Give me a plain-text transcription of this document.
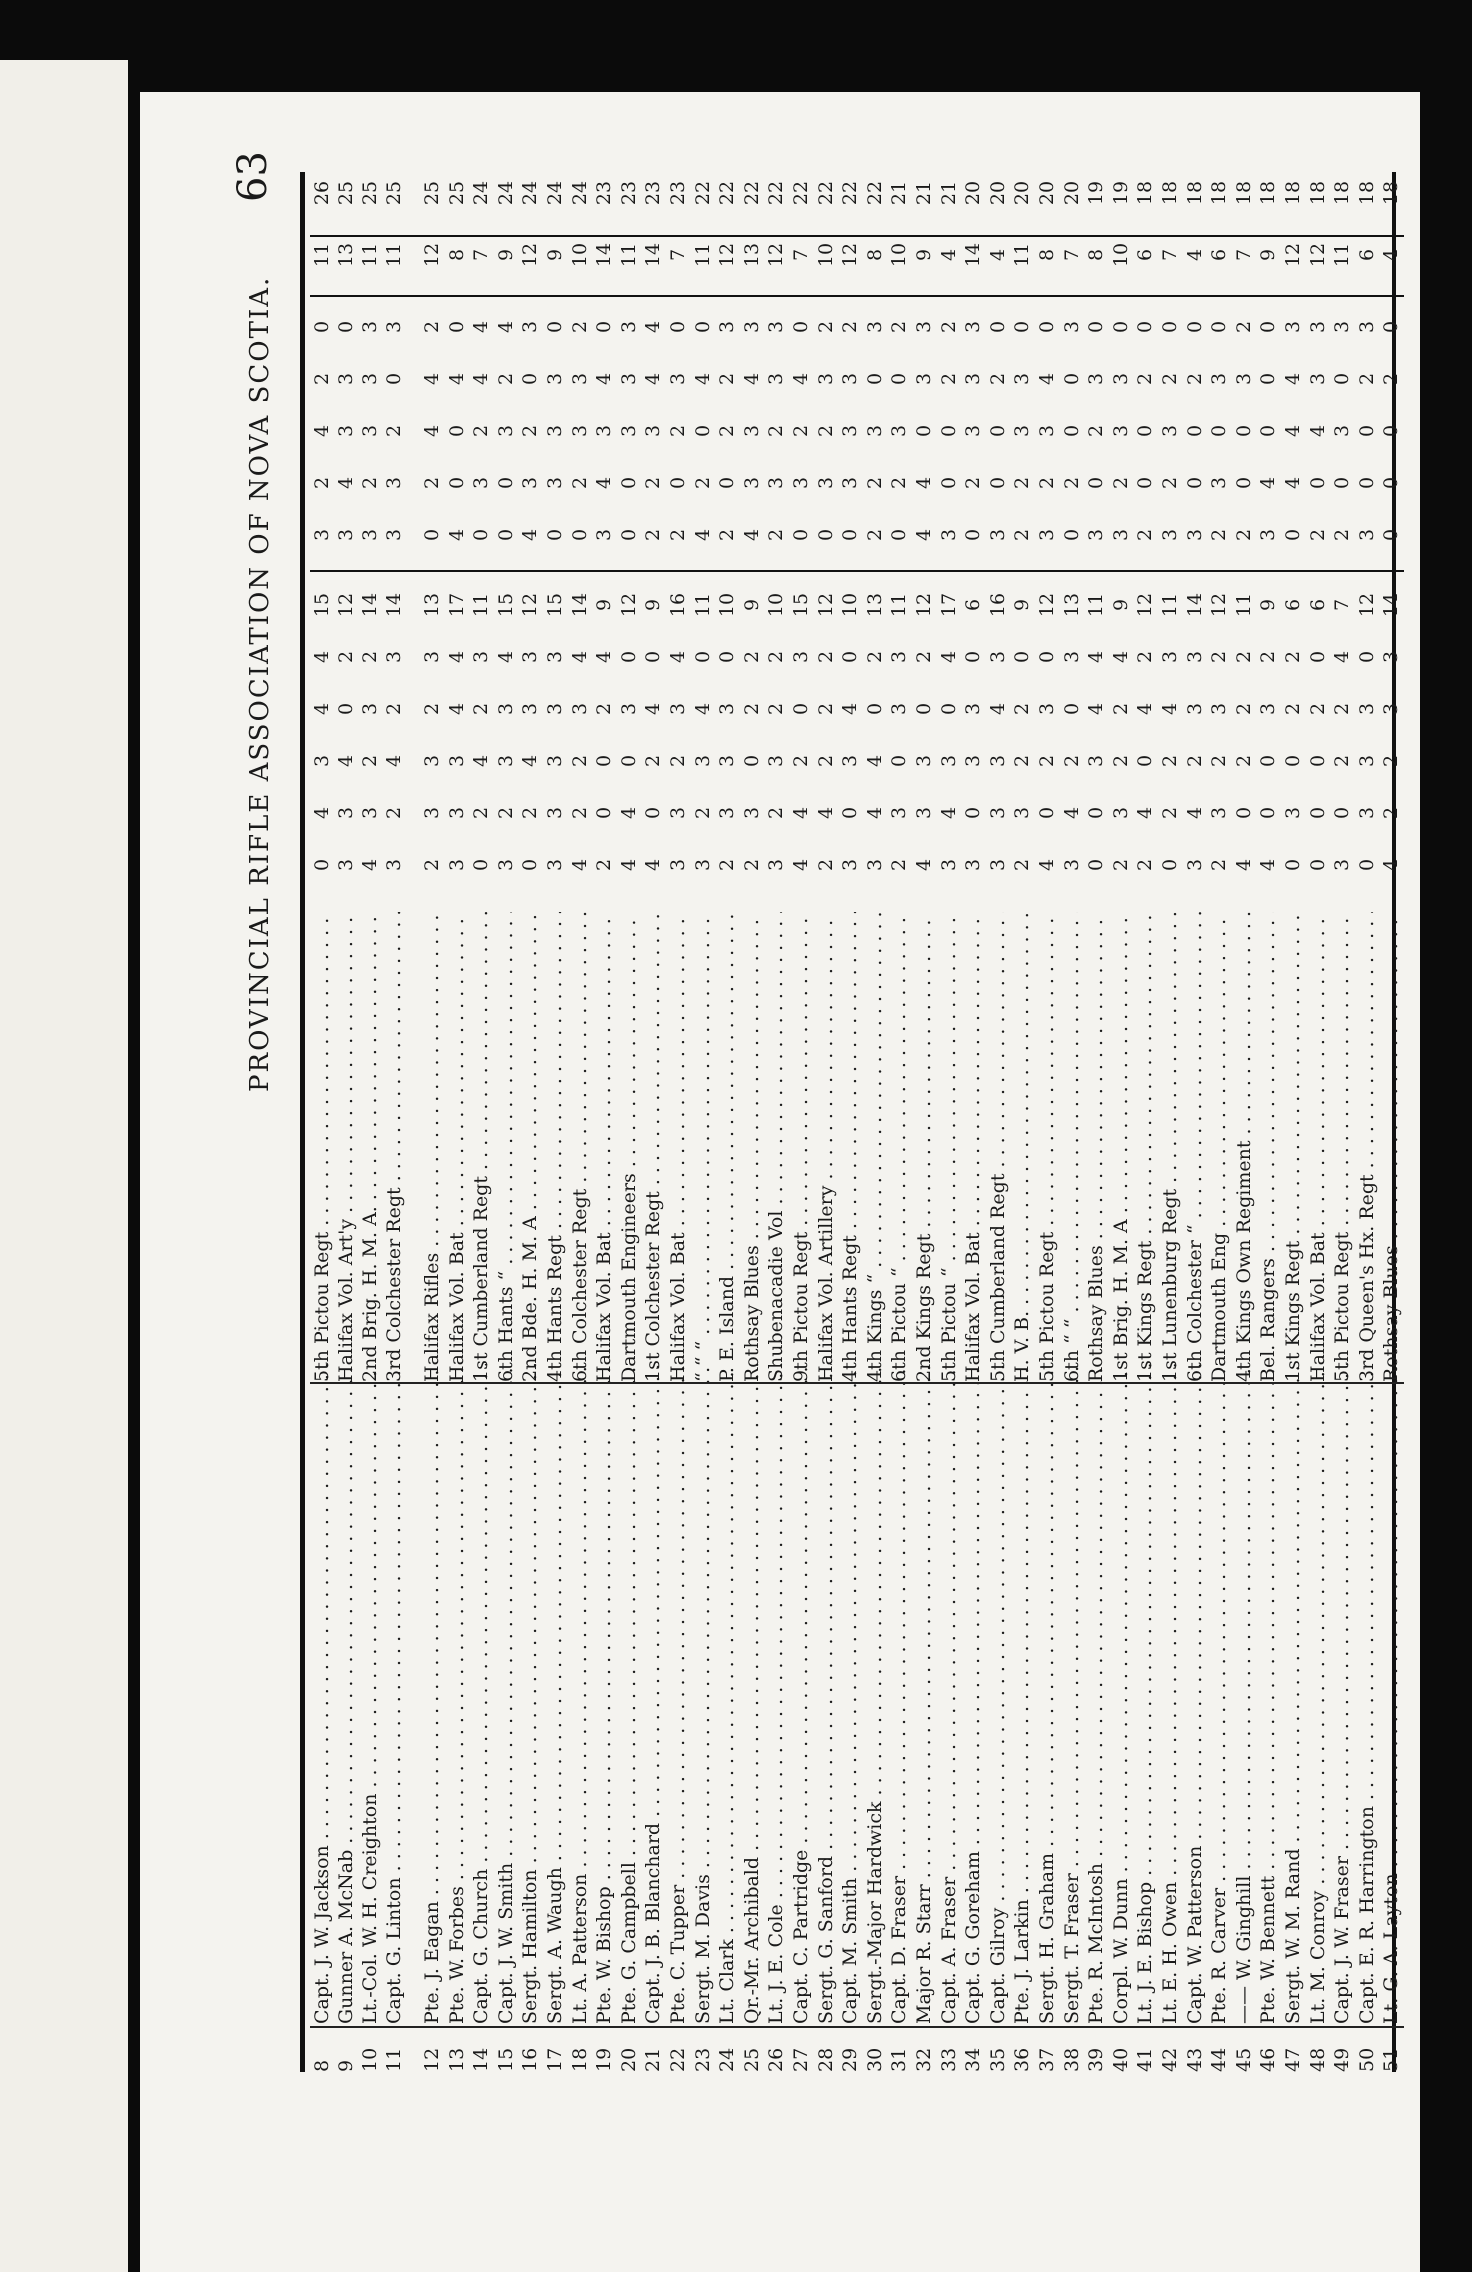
PROVINCIAL RIFLE ASSOCIATION OF NOVA SCOTIA.
63
8
Capt. J. W. Jackson . . .
5th Pictou Regt . . .
0
4
3
4
4
15
3
2
4
2
0
11
26
9
Gunner A. McNab . . .
Halifax Vol. Art'y . . .
3
3
4
0
2
12
3
4
3
3
0
13
25
10
Lt.-Col. W. H. Creighton . . .
2nd Brig. H. M. A. . . .
4
3
2
3
2
14
3
2
3
3
3
11
25
11
Capt. G. Linton . . .
3rd Colchester Regt . . .
3
2
4
2
3
14
3
3
2
0
3
11
25
12
Pte. J. Eagan . . .
Halifax Rifles . . .
2
3
3
2
3
13
0
2
4
4
2
12
25
13
Pte. W. Forbes . . .
Halifax Vol. Bat . . .
3
3
3
4
4
17
4
0
0
4
0
8
25
14
Capt. G. Church . . .
1st Cumberland Regt . . .
0
2
4
2
3
11
0
3
2
4
4
7
24
15
Capt. J. W. Smith . . .
6th Hants “ . . .
3
2
3
3
4
15
0
0
3
2
4
9
24
16
Sergt. Hamilton . . .
2nd Bde. H. M. A . . .
0
2
4
3
3
12
4
3
2
0
3
12
24
17
Sergt. A. Waugh . . .
4th Hants Regt . . .
3
3
3
3
3
15
0
3
3
3
0
9
24
18
Lt. A. Patterson . . .
6th Colchester Regt . . .
4
2
2
3
4
14
0
2
3
3
2
10
24
19
Pte. W. Bishop . . .
Halifax Vol. Bat . . .
2
0
0
2
4
9
3
4
3
4
0
14
23
20
Pte. G. Campbell . . .
Dartmouth Engineers . . .
4
4
0
3
0
12
0
0
3
3
3
11
23
21
Capt. J. B. Blanchard . . .
1st Colchester Regt . . .
4
0
2
4
0
9
2
2
3
4
4
14
23
22
Pte. C. Tupper . . .
Halifax Vol. Bat . . .
3
3
2
3
4
16
2
0
2
3
0
7
23
23
Sergt. M. Davis . . .
“ “ “ . . .
3
2
3
4
0
11
4
2
0
4
0
11
22
24
Lt. Clark . . .
P. E. Island . . .
2
3
3
3
0
10
2
0
2
2
3
12
22
25
Qr.-Mr. Archibald . . .
Rothsay Blues . . .
2
3
0
2
2
9
4
3
3
4
3
13
22
26
Lt. J. E. Cole . . .
Shubenacadie Vol . . .
3
2
3
2
2
10
2
3
2
3
3
12
22
27
Capt. C. Partridge . . .
9th Pictou Regt . . .
4
4
2
0
3
15
0
3
2
4
0
7
22
28
Sergt. G. Sanford . . .
Halifax Vol. Artillery . . .
2
4
2
2
2
12
0
3
2
3
2
10
22
29
Capt. M. Smith . . .
4th Hants Regt . . .
3
0
3
4
0
10
0
3
3
3
2
12
22
30
Sergt.-Major Hardwick . . .
4th Kings “ . . .
3
4
4
0
2
13
2
2
3
0
3
8
22
31
Capt. D. Fraser . . .
6th Pictou “ . . .
2
3
0
3
3
11
0
2
3
0
2
10
21
32
Major R. Starr . . .
2nd Kings Regt . . .
4
3
3
0
2
12
4
4
0
3
3
9
21
33
Capt. A. Fraser . . .
5th Pictou “ . . .
3
4
3
0
4
17
3
0
0
2
2
4
21
34
Capt. G. Goreham . . .
Halifax Vol. Bat . . .
3
0
3
3
0
6
0
2
3
3
3
14
20
35
Capt. Gilroy . . .
5th Cumberland Regt . . .
3
3
3
4
3
16
3
0
0
2
0
4
20
36
Pte. J. Larkin . . .
H. V. B. . . .
2
3
2
2
0
9
2
2
3
3
0
11
20
37
Sergt. H. Graham . . .
5th Pictou Regt . . .
4
0
2
3
0
12
3
2
3
4
0
8
20
38
Sergt. T. Fraser . . .
6th “ “ . . .
3
4
2
0
3
13
0
2
0
0
3
7
20
39
Pte. R. McIntosh . . .
Rothsay Blues . . .
0
0
3
4
4
11
3
0
2
3
0
8
19
40
Corpl. W. Dunn . . .
1st Brig. H. M. A . . .
2
3
2
2
4
9
3
2
3
3
0
10
19
41
Lt. J. E. Bishop . . .
1st Kings Regt . . .
2
4
0
4
2
12
2
0
0
2
0
6
18
42
Lt. E. H. Owen . . .
1st Lunenburg Regt . . .
0
2
2
4
3
11
3
2
3
2
0
7
18
43
Capt. W. Patterson . . .
6th Colchester “ . . .
3
4
2
3
3
14
3
0
0
2
0
4
18
44
Pte. R. Carver . . .
Dartmouth Eng . . .
2
3
2
3
2
12
2
3
0
3
0
6
18
45
—— W. Ginghill . . .
4th Kings Own Regiment . . .
4
0
2
2
2
11
2
0
0
3
2
7
18
46
Pte. W. Bennett . . .
Bel. Rangers . . .
4
0
0
3
2
9
3
4
0
0
0
9
18
47
Sergt. W. M. Rand . . .
1st Kings Regt . . .
0
3
0
2
2
6
0
4
4
4
3
12
18
48
Lt. M. Conroy . . .
Halifax Vol. Bat . . .
0
0
0
2
0
6
2
0
4
3
3
12
18
49
Capt. J. W. Fraser . . .
5th Pictou Regt . . .
3
0
2
2
4
7
2
0
3
0
3
11
18
50
Capt. E. R. Harrington . . .
3rd Queen's Hx. Regt . . .
0
3
3
3
0
12
3
0
0
2
3
6
18
51
Lt. G. A. Layton . . .
Rothsay Blues . . .
4
2
2
3
3
14
0
0
0
2
0
4
18
